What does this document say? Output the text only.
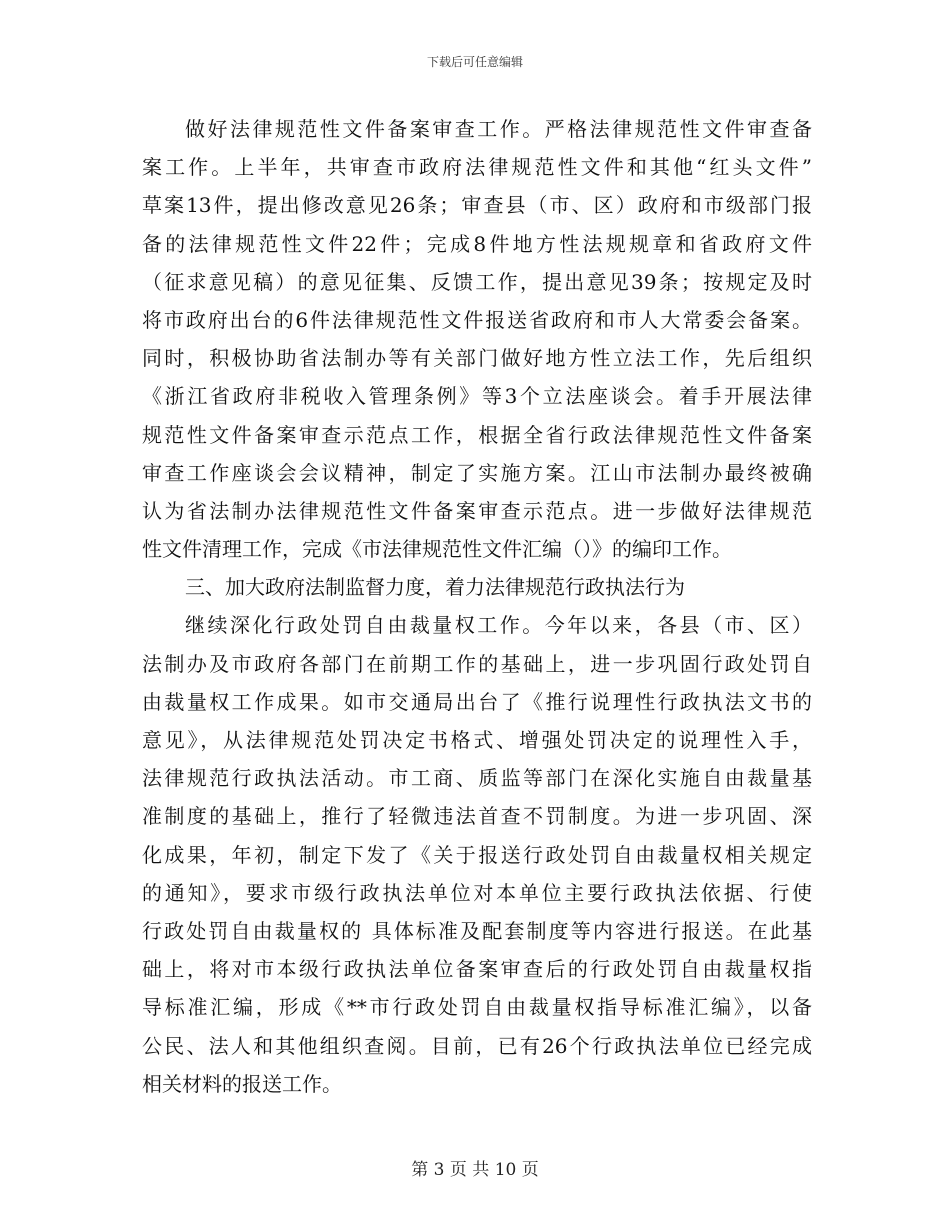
下载后可任意编辑
做好法律规范性文件备案审查工作。严格法律规范性文件审查备
案工作。上半年，共审查市政府法律规范性文件和其他“红头文件”
草案13件，提出修改意见26条；审查县（市、区）政府和市级部门报
备的法律规范性文件22件；完成8件地方性法规规章和省政府文件
（征求意见稿）的意见征集、反馈工作，提出意见39条；按规定及时
将市政府出台的6件法律规范性文件报送省政府和市人大常委会备案。
同时，积极协助省法制办等有关部门做好地方性立法工作，先后组织
《浙江省政府非税收入管理条例》等3个立法座谈会。着手开展法律
规范性文件备案审查示范点工作，根据全省行政法律规范性文件备案
审查工作座谈会会议精神，制定了实施方案。江山市法制办最终被确
认为省法制办法律规范性文件备案审查示范点。进一步做好法律规范
性文件清理工作，完成《市法律规范性文件汇编（）》的编印工作。
三、加大政府法制监督力度，着力法律规范行政执法行为
继续深化行政处罚自由裁量权工作。今年以来，各县（市、区）
法制办及市政府各部门在前期工作的基础上，进一步巩固行政处罚自
由裁量权工作成果。如市交通局出台了《推行说理性行政执法文书的
意见》，从法律规范处罚决定书格式、增强处罚决定的说理性入手，
法律规范行政执法活动。市工商、质监等部门在深化实施自由裁量基
准制度的基础上，推行了轻微违法首查不罚制度。为进一步巩固、深
化成果，年初，制定下发了《关于报送行政处罚自由裁量权相关规定
的通知》，要求市级行政执法单位对本单位主要行政执法依据、行使
行政处罚自由裁量权的 具体标准及配套制度等内容进行报送。在此基
础上，将对市本级行政执法单位备案审查后的行政处罚自由裁量权指
导标准汇编，形成《**市行政处罚自由裁量权指导标准汇编》，以备
公民、法人和其他组织查阅。目前，已有26个行政执法单位已经完成
相关材料的报送工作。
第 3 页 共 10 页
